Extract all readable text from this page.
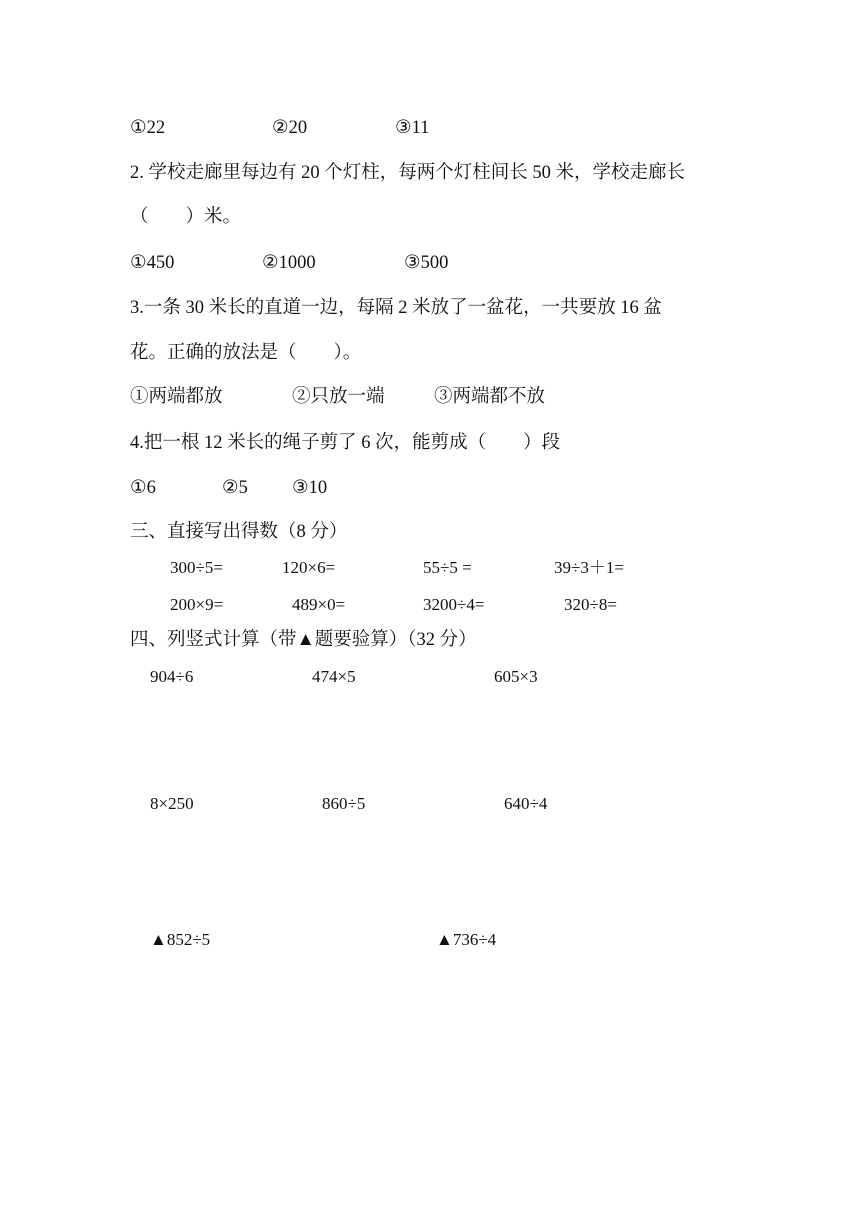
①22	②20	③11
2. 学校走廊里每边有 20 个灯柱，每两个灯柱间长 50 米，学校走廊长
（　　）米。
①450	②1000	③500
3.一条 30 米长的直道一边，每隔 2 米放了一盆花，一共要放 16 盆
花。正确的放法是（　　）。
①两端都放	②只放一端	③两端都不放
4.把一根 12 米长的绳子剪了 6 次，能剪成（　　）段
①6	②5 ③10
三、直接写出得数（8 分）
300÷5=	120×6=	55÷5 =	39÷3＋1=
200×9=	489×0=	3200÷4=	320÷8=
四、列竖式计算（带▲题要验算）（32 分）
904÷6	474×5	605×3
8×250	860÷5	640÷4
▲852÷5	▲736÷4
